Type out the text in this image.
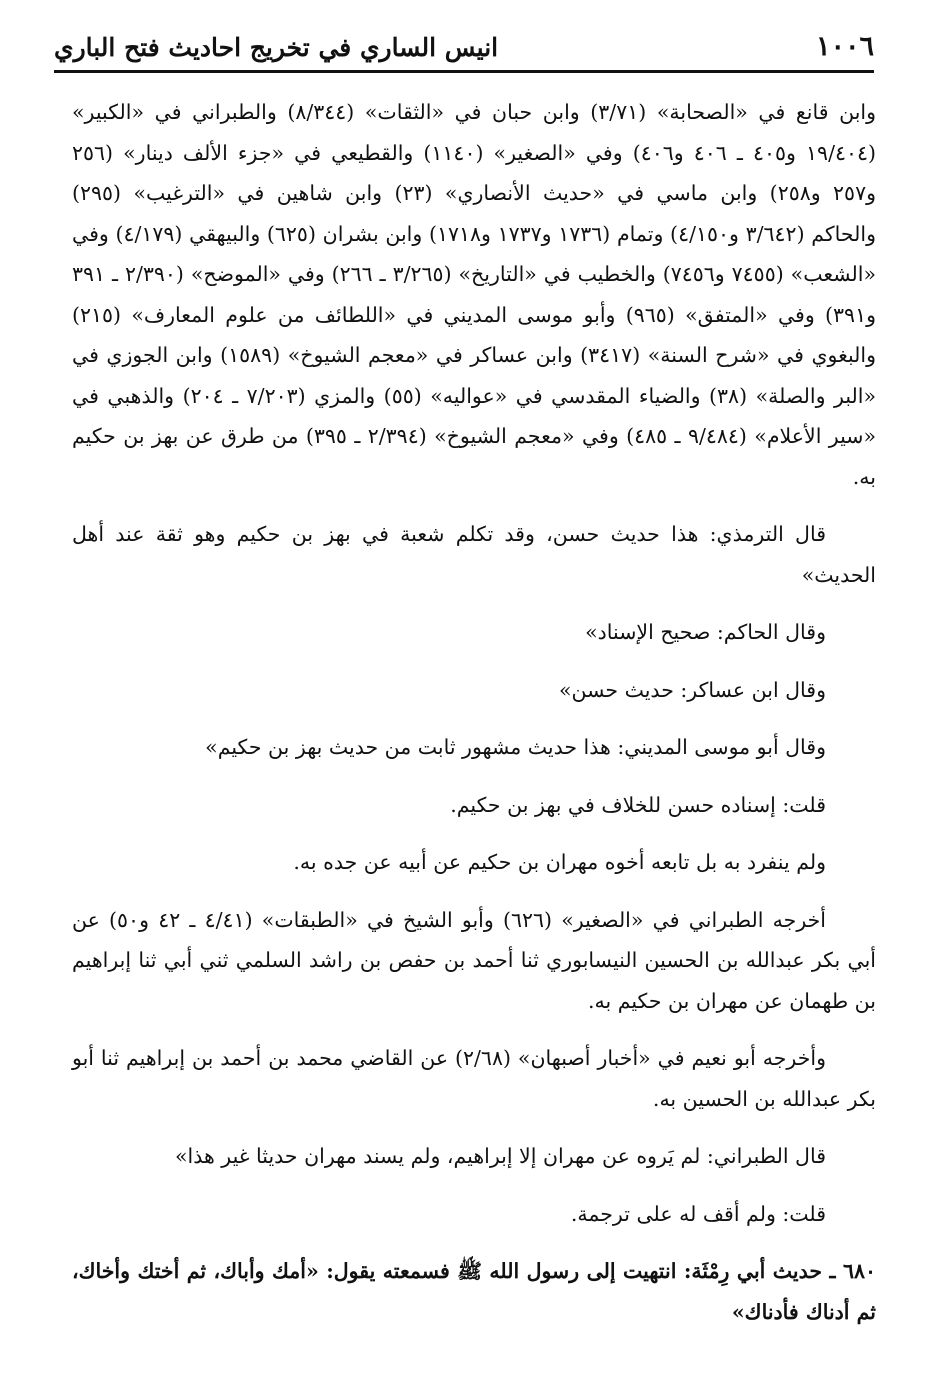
١٠٠٦
انيس الساري في تخريج احاديث فتح الباري

وابن قانع في «الصحابة» (٣/٧١) وابن حبان في «الثقات» (٨/٣٤٤) والطبراني في «الكبير» (١٩/٤٠٤ و٤٠٥ ـ ٤٠٦ و٤٠٦) وفي «الصغير» (١١٤٠) والقطيعي في «جزء الألف دينار» (٢٥٦ و٢٥٧ و٢٥٨) وابن ماسي في «حديث الأنصاري» (٢٣) وابن شاهين في «الترغيب» (٢٩٥) والحاكم (٣/٦٤٢ و٤/١٥٠) وتمام (١٧٣٦ و١٧٣٧ و١٧١٨) وابن بشران (٦٢٥) والبيهقي (٤/١٧٩) وفي «الشعب» (٧٤٥٥ و٧٤٥٦) والخطيب في «التاريخ» (٣/٢٦٥ ـ ٢٦٦) وفي «الموضح» (٢/٣٩٠ ـ ٣٩١ و٣٩١) وفي «المتفق» (٩٦٥) وأبو موسى المديني في «اللطائف من علوم المعارف» (٢١٥) والبغوي في «شرح السنة» (٣٤١٧) وابن عساكر في «معجم الشيوخ» (١٥٨٩) وابن الجوزي في «البر والصلة» (٣٨) والضياء المقدسي في «عواليه» (٥٥) والمزي (٧/٢٠٣ ـ ٢٠٤) والذهبي في «سير الأعلام» (٩/٤٨٤ ـ ٤٨٥) وفي «معجم الشيوخ» (٢/٣٩٤ ـ ٣٩٥) من طرق عن بهز بن حكيم به.

قال الترمذي: هذا حديث حسن، وقد تكلم شعبة في بهز بن حكيم وهو ثقة عند أهل الحديث»

وقال الحاكم: صحيح الإسناد»

وقال ابن عساكر: حديث حسن»

وقال أبو موسى المديني: هذا حديث مشهور ثابت من حديث بهز بن حكيم»

قلت: إسناده حسن للخلاف في بهز بن حكيم.

ولم ينفرد به بل تابعه أخوه مهران بن حكيم عن أبيه عن جده به.

أخرجه الطبراني في «الصغير» (٦٢٦) وأبو الشيخ في «الطبقات» (٤/٤١ ـ ٤٢ و٥٠) عن أبي بكر عبدالله بن الحسين النيسابوري ثنا أحمد بن حفص بن راشد السلمي ثني أبي ثنا إبراهيم بن طهمان عن مهران بن حكيم به.

وأخرجه أبو نعيم في «أخبار أصبهان» (٢/٦٨) عن القاضي محمد بن أحمد بن إبراهيم ثنا أبو بكر عبدالله بن الحسين به.

قال الطبراني: لم يَروه عن مهران إلا إبراهيم، ولم يسند مهران حديثا غير هذا»

قلت: ولم أقف له على ترجمة.

٦٨٠ ـ حديث أبي رِمْثَة: انتهيت إلى رسول الله ﷺ فسمعته يقول: «أمك وأباك، ثم أختك وأخاك، ثم أدناك فأدناك»
